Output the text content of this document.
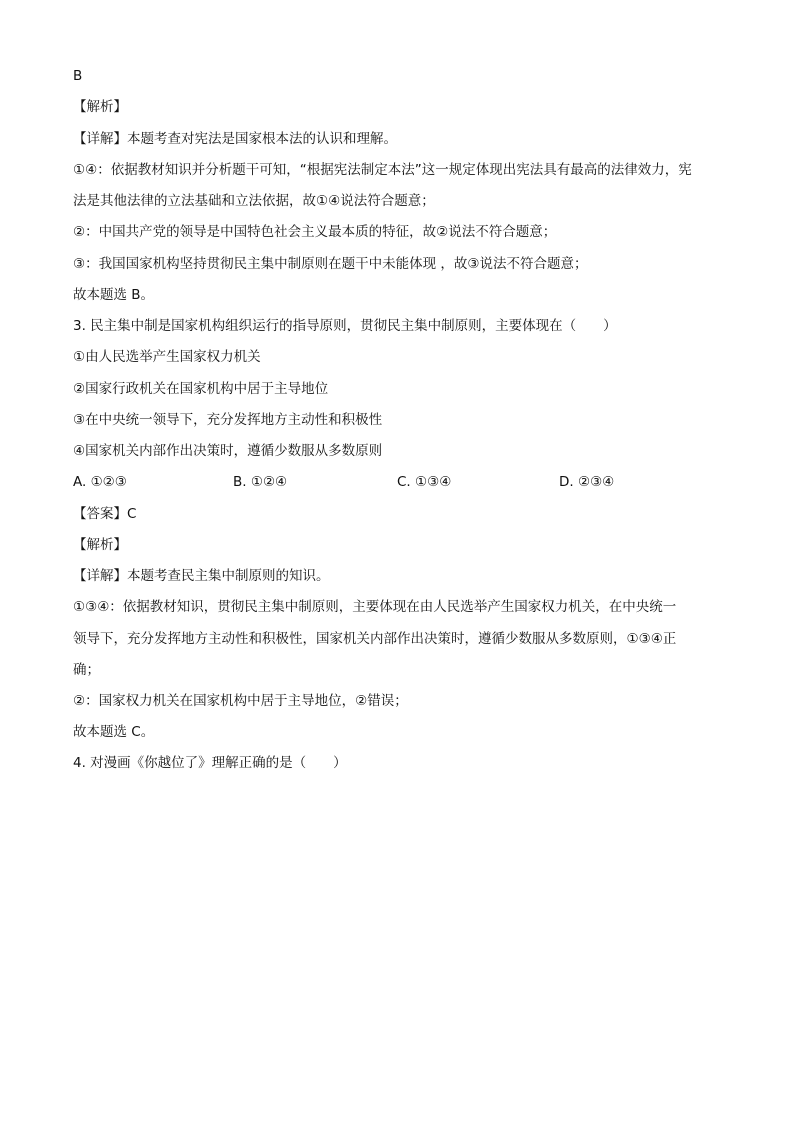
B
【解析】
【详解】本题考查对宪法是国家根本法的认识和理解。
①④：依据教材知识并分析题干可知，“根据宪法制定本法”这一规定体现出宪法具有最高的法律效力，宪
法是其他法律的立法基础和立法依据，故①④说法符合题意；
②：中国共产党的领导是中国特色社会主义最本质的特征，故②说法不符合题意；
③：我国国家机构坚持贯彻民主集中制原则在题干中未能体现 ，故③说法不符合题意；
故本题选 B。
3. 民主集中制是国家机构组织运行的指导原则，贯彻民主集中制原则，主要体现在（　　）
①由人民选举产生国家权力机关
②国家行政机关在国家机构中居于主导地位
③在中央统一领导下，充分发挥地方主动性和积极性
④国家机关内部作出决策时，遵循少数服从多数原则
A. ①②③	B. ①②④	C. ①③④	D. ②③④
【答案】C
【解析】
【详解】本题考查民主集中制原则的知识。
①③④：依据教材知识，贯彻民主集中制原则，主要体现在由人民选举产生国家权力机关，在中央统一
领导下，充分发挥地方主动性和积极性，国家机关内部作出决策时，遵循少数服从多数原则，①③④正
确；
②：国家权力机关在国家机构中居于主导地位，②错误；
故本题选 C。
4. 对漫画《你越位了》理解正确的是（　　）
